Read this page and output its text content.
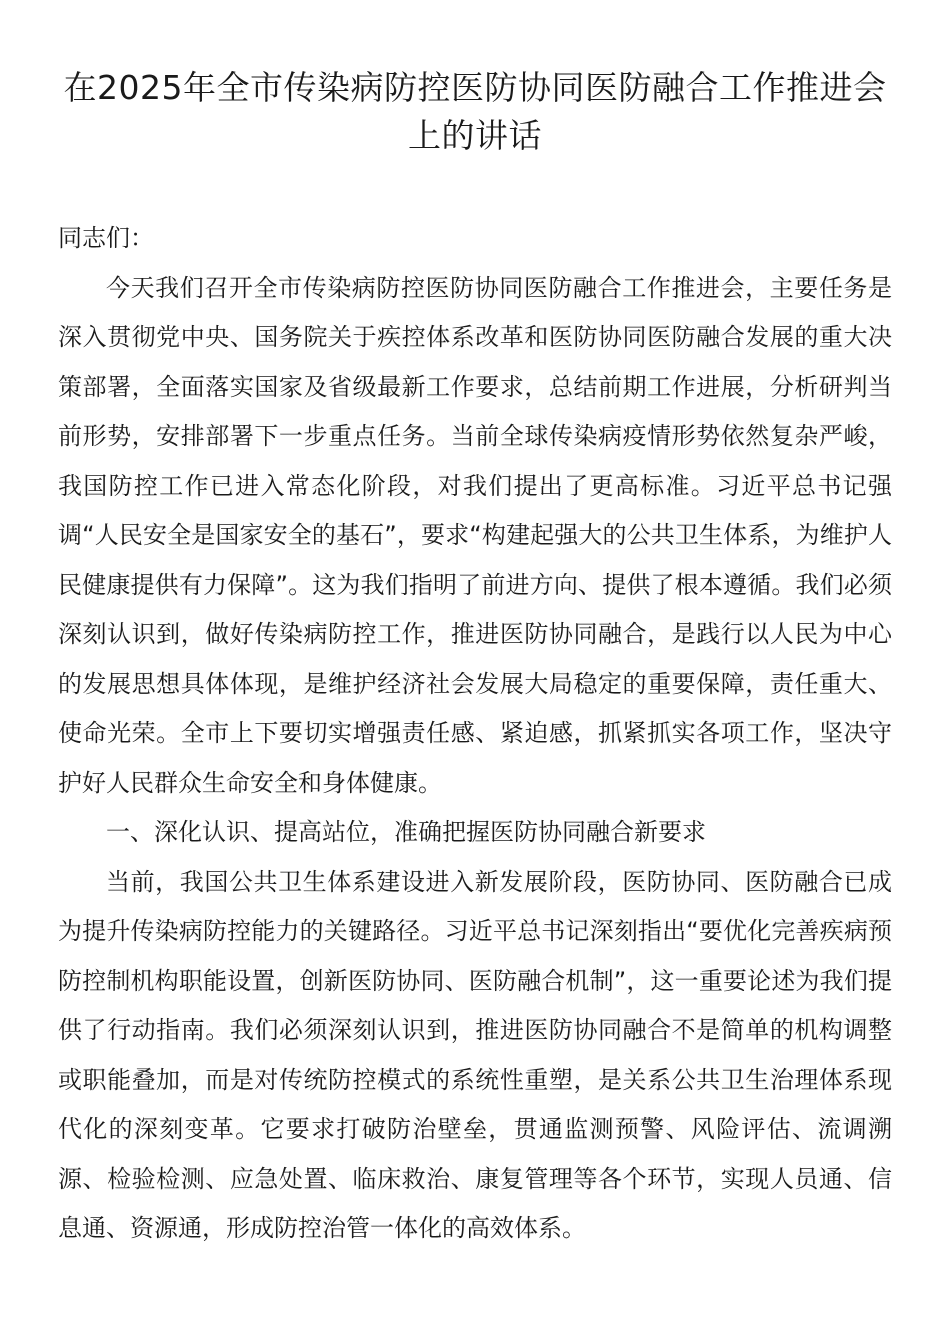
在2025年全市传染病防控医防协同医防融合工作推进会上的讲话

同志们：

今天我们召开全市传染病防控医防协同医防融合工作推进会，主要任务是深入贯彻党中央、国务院关于疾控体系改革和医防协同医防融合发展的重大决策部署，全面落实国家及省级最新工作要求，总结前期工作进展，分析研判当前形势，安排部署下一步重点任务。当前全球传染病疫情形势依然复杂严峻，我国防控工作已进入常态化阶段，对我们提出了更高标准。习近平总书记强调“人民安全是国家安全的基石”，要求“构建起强大的公共卫生体系，为维护人民健康提供有力保障”。这为我们指明了前进方向、提供了根本遵循。我们必须深刻认识到，做好传染病防控工作，推进医防协同融合，是践行以人民为中心的发展思想具体体现，是维护经济社会发展大局稳定的重要保障，责任重大、使命光荣。全市上下要切实增强责任感、紧迫感，抓紧抓实各项工作，坚决守护好人民群众生命安全和身体健康。

一、深化认识、提高站位，准确把握医防协同融合新要求

当前，我国公共卫生体系建设进入新发展阶段，医防协同、医防融合已成为提升传染病防控能力的关键路径。习近平总书记深刻指出“要优化完善疾病预防控制机构职能设置，创新医防协同、医防融合机制”，这一重要论述为我们提供了行动指南。我们必须深刻认识到，推进医防协同融合不是简单的机构调整或职能叠加，而是对传统防控模式的系统性重塑，是关系公共卫生治理体系现代化的深刻变革。它要求打破防治壁垒，贯通监测预警、风险评估、流调溯源、检验检测、应急处置、临床救治、康复管理等各个环节，实现人员通、信息通、资源通，形成防控治管一体化的高效体系。
